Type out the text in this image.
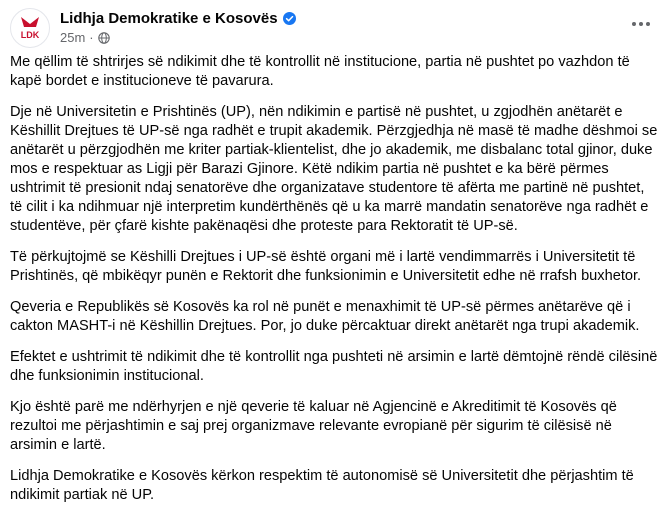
LDK
Lidhja Demokratike e Kosovës
25m ·

Me qëllim të shtrirjes së ndikimit dhe të kontrollit në institucione, partia në pushtet po vazhdon të kapë bordet e institucioneve të pavarura.

Dje në Universitetin e Prishtinës (UP), nën ndikimin e partisë në pushtet, u zgjodhën anëtarët e Këshillit Drejtues të UP-së nga radhët e trupit akademik. Përzgjedhja në masë të madhe dëshmoi se anëtarët u përzgjodhën me kriter partiak-klientelist, dhe jo akademik, me disbalanc total gjinor, duke mos e respektuar as Ligji për Barazi Gjinore. Këtë ndikim partia në pushtet e ka bërë përmes ushtrimit të presionit ndaj senatorëve dhe organizatave studentore të afërta me partinë në pushtet, të cilit i ka ndihmuar një interpretim kundërthënës që u ka marrë mandatin senatorëve nga radhët e studentëve, për çfarë kishte pakënaqësi dhe proteste para Rektoratit të UP-së.

Të përkujtojmë se Këshilli Drejtues i UP-së është organi më i lartë vendimmarrës i Universitetit të Prishtinës, që mbikëqyr punën e Rektorit dhe funksionimin e Universitetit edhe në rrafsh buxhetor.

Qeveria e Republikës së Kosovës ka rol në punët e menaxhimit të UP-së përmes anëtarëve që i cakton MASHT-i në Këshillin Drejtues. Por, jo duke përcaktuar direkt anëtarët nga trupi akademik.

Efektet e ushtrimit të ndikimit dhe të kontrollit nga pushteti në arsimin e lartë dëmtojnë rëndë cilësinë dhe funksionimin institucional.

Kjo është parë me ndërhyrjen e një qeverie të kaluar në Agjencinë e Akreditimit të Kosovës që rezultoi me përjashtimin e saj prej organizmave relevante evropianë për sigurim të cilësisë në arsimin e lartë.

Lidhja Demokratike e Kosovës kërkon respektim të autonomisë së Universitetit dhe përjashtim të ndikimit partiak në UP.
